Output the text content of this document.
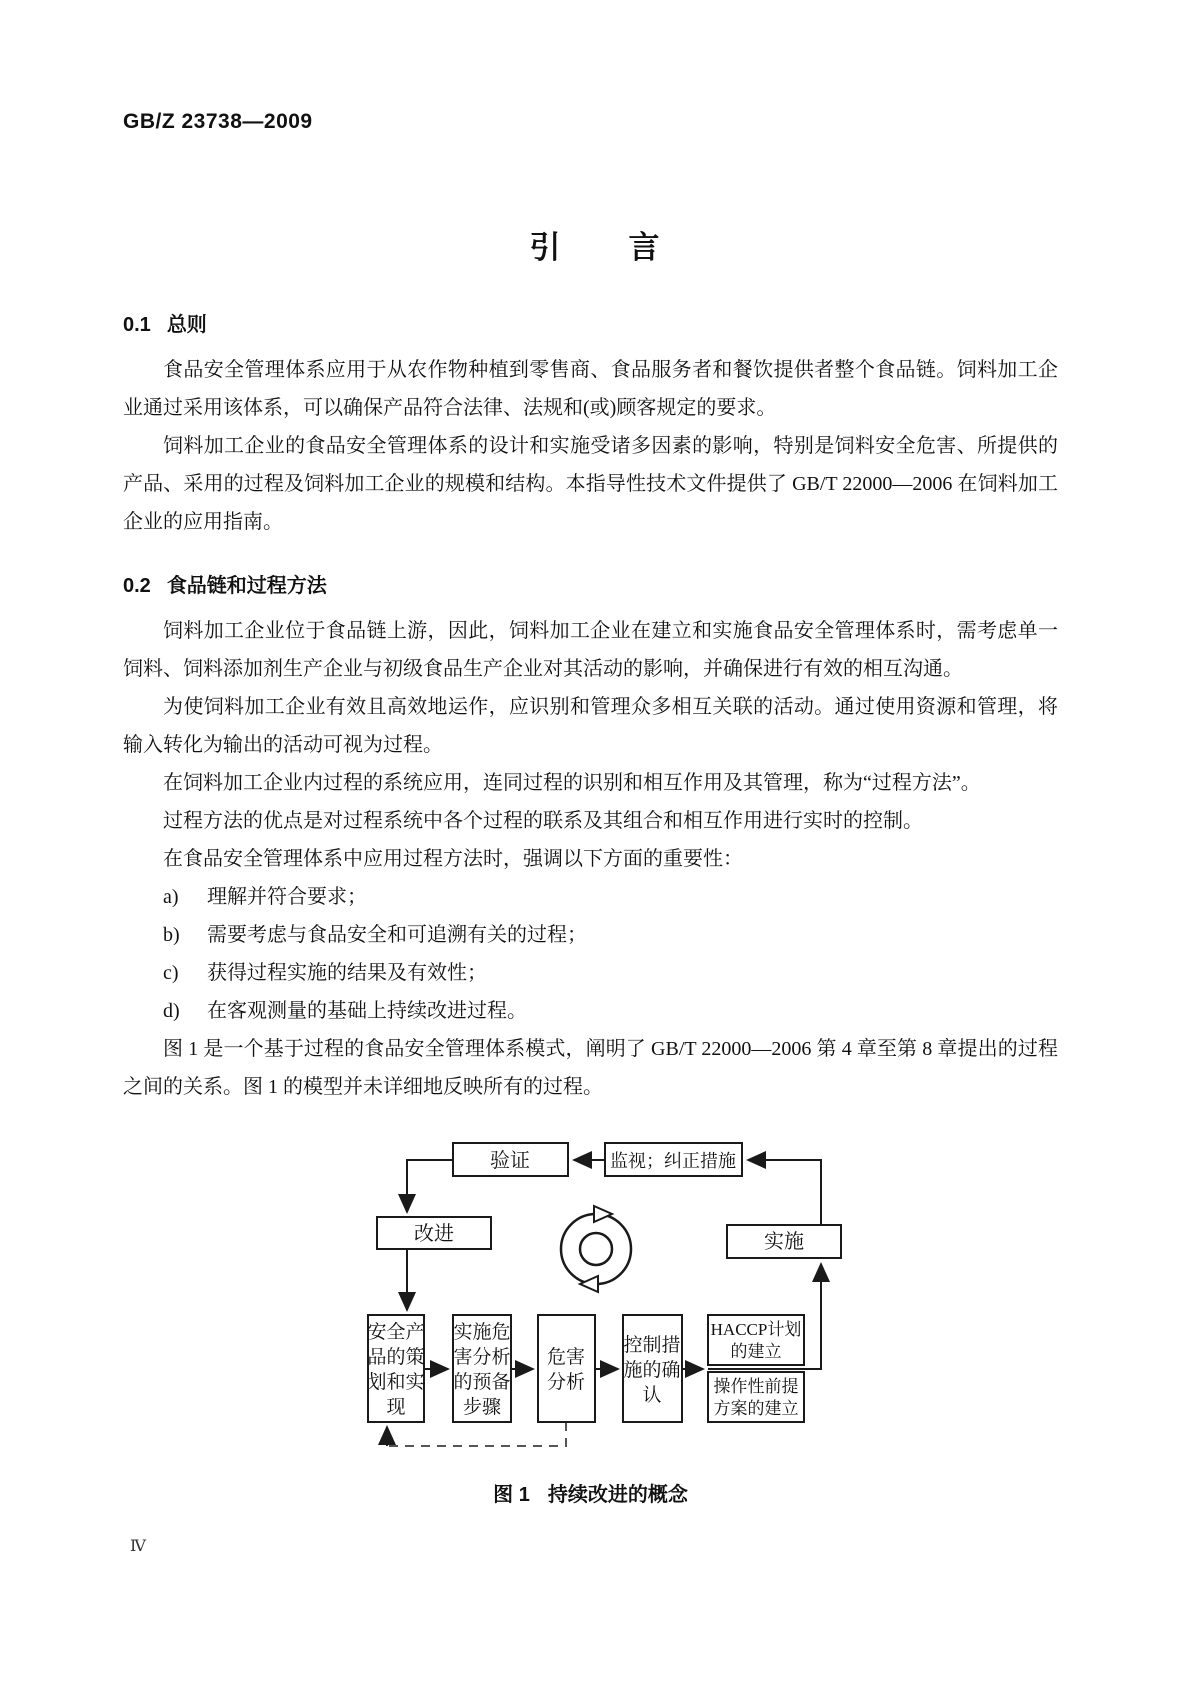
GB/Z 23738—2009
引　　言
0.1 总则

食品安全管理体系应用于从农作物种植到零售商、食品服务者和餐饮提供者整个食品链。饲料加工企业通过采用该体系，可以确保产品符合法律、法规和(或)顾客规定的要求。

饲料加工企业的食品安全管理体系的设计和实施受诸多因素的影响，特别是饲料安全危害、所提供的产品、采用的过程及饲料加工企业的规模和结构。本指导性技术文件提供了 GB/T 22000—2006 在饲料加工企业的应用指南。

0.2 食品链和过程方法

饲料加工企业位于食品链上游，因此，饲料加工企业在建立和实施食品安全管理体系时，需考虑单一饲料、饲料添加剂生产企业与初级食品生产企业对其活动的影响，并确保进行有效的相互沟通。

为使饲料加工企业有效且高效地运作，应识别和管理众多相互关联的活动。通过使用资源和管理，将输入转化为输出的活动可视为过程。

在饲料加工企业内过程的系统应用，连同过程的识别和相互作用及其管理，称为“过程方法”。

过程方法的优点是对过程系统中各个过程的联系及其组合和相互作用进行实时的控制。

在食品安全管理体系中应用过程方法时，强调以下方面的重要性：

a)	理解并符合要求；
b)	需要考虑与食品安全和可追溯有关的过程；
c)	获得过程实施的结果及有效性；
d)	在客观测量的基础上持续改进过程。

图 1 是一个基于过程的食品安全管理体系模式，阐明了 GB/T 22000—2006 第 4 章至第 8 章提出的过程之间的关系。图 1 的模型并未详细地反映所有的过程。

验证	监视；纠正措施
改进	实施
安全产品的策划和实现
实施危害分析的预备步骤
危害分析
控制措施的确认
HACCP计划的建立
操作性前提方案的建立
图 1 持续改进的概念
Ⅳ
